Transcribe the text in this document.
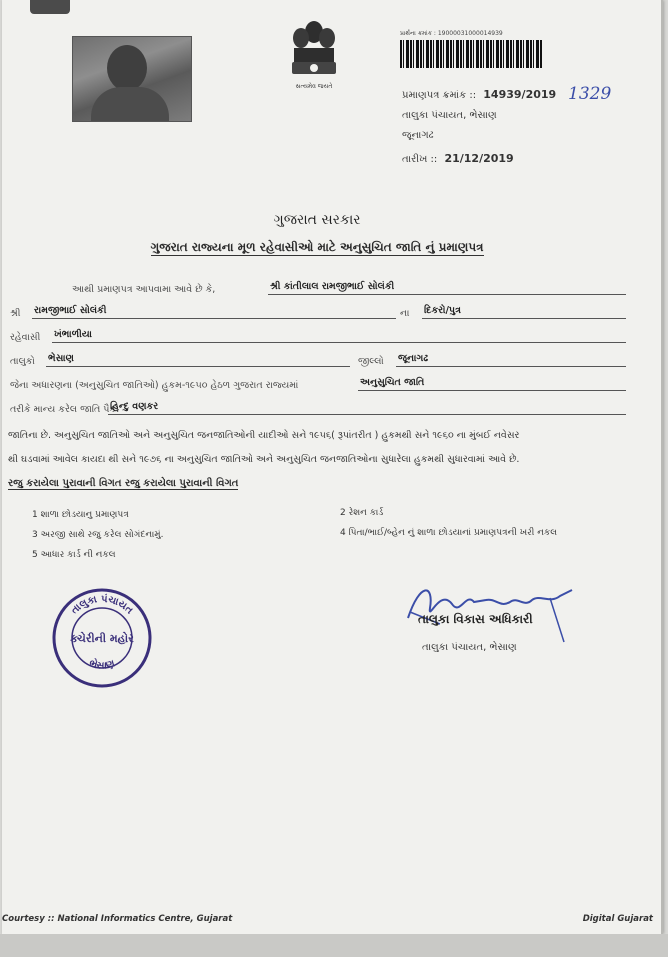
સત્યમેવ જયતે
પ્રાર્થના ક્રમાંક : 19000031000014939
પ્રમાણપત્ર ક્રમાંક :: 14939/2019 1329
તાલુકા પંચાયત, ભેસાણ
જૂનાગઢ
તારીખ :: 21/12/2019
ગુજરાત સરકાર
ગુજરાત રાજ્યના મૂળ રહેવાસીઓ માટે અનુસુચિત જાતિ નું પ્રમાણપત્ર
આથી પ્રમાણપત્ર આપવામા આવે છે કે,	શ્રી કાંતીલાલ રામજીભાઈ સોલંકી
શ્રી રામજીભાઈ સોલંકી	ના દિકરો/પુત્ર
રહેવાસી ખંભાળીયા
તાલુકો ભેસાણ	જીલ્લો જૂનાગઢ
જેના અધારણના (અનુસુચિત જાતિઓ) હુકમ-૧૯૫૦ હેઠળ ગુજરાત રાજ્યમાં	અનુસુચિત જાતિ
તરીકે માન્ય કરેલ જાતિ પૈકી
હિન્દુ વણકર
જાતિના છે. અનુસુચિત જાતિઓ અને અનુસુચિત જનજાતિઓની યાદીઓ સને ૧૯૫૬( રૂપાંતરીત ) હુકમથી સને ૧૯૬૦ ના મુંબઈ નવેસર
થી ઘડવામાં આવેલ કાયદા થી સને ૧૯૭૬ ના અનુસુચિત જાતિઓ અને અનુસુચિત જનજાતિઓના સુધારેલા હુકમથી સુધારવામાં આવે છે.
રજુ કરાયેલા પુરાવાની વિગત રજુ કરાયેલા પુરાવાની વિગત
1 શાળા છોડયાનુ પ્રમાણપત્ર	2 રેશન કાર્ડ
3 અરજી સાથે રજુ કરેલ સોગંદનામું.	4 પિતા/ભાઈ/બ્હેન નું શાળા છોડયાનાં પ્રમાણપત્રની ખરી નકલ
5 આધાર કાર્ડ ની નકલ
તાલુકા પંચાયત
ક્ચેરીની મહોર
ભેસાણ
તાલુકા વિકાસ અધિકારી
તાલુકા પંચાયત, ભેસાણ
Courtesy :: National Informatics Centre, Gujarat	Digital Gujarat
